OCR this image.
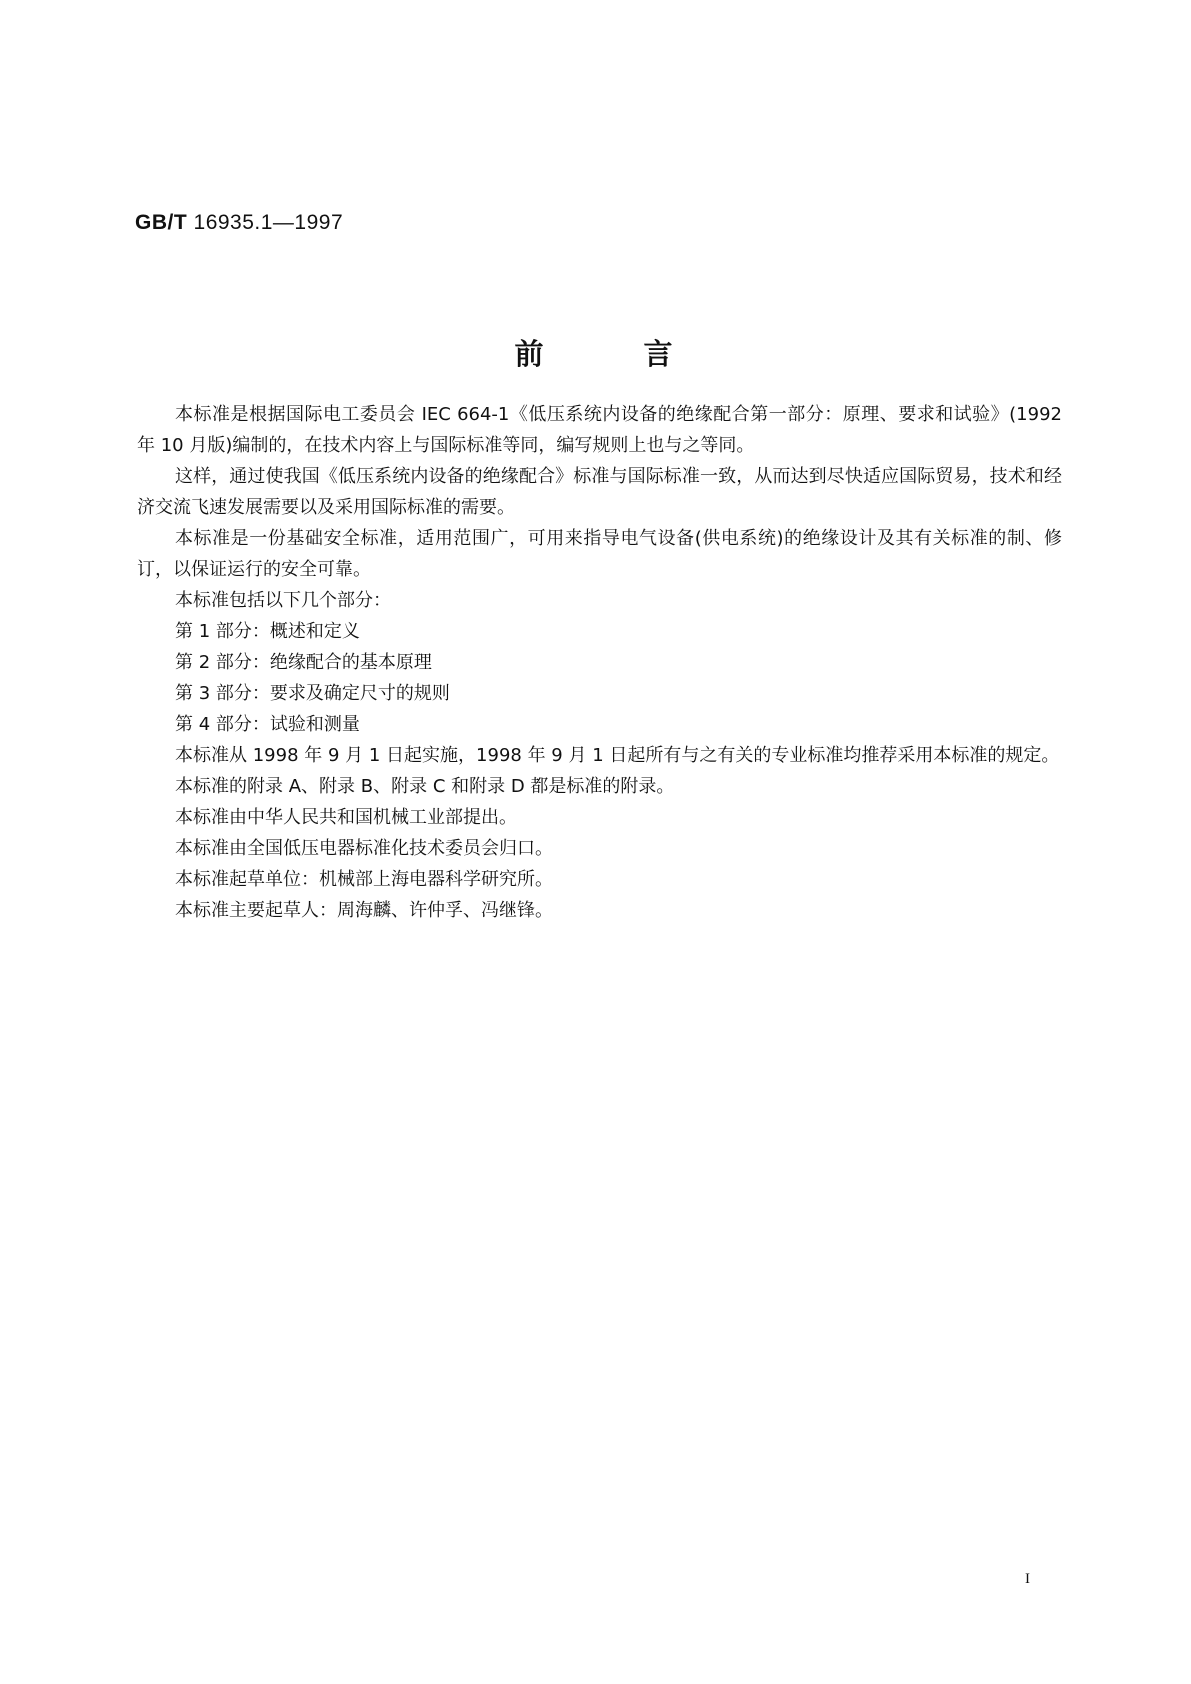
GB/T 16935.1—1997
前	言

本标准是根据国际电工委员会 IEC 664-1《低压系统内设备的绝缘配合第一部分：原理、要求和试验》(1992 年 10 月版)编制的，在技术内容上与国际标准等同，编写规则上也与之等同。

这样，通过使我国《低压系统内设备的绝缘配合》标准与国际标准一致，从而达到尽快适应国际贸易，技术和经济交流飞速发展需要以及采用国际标准的需要。

本标准是一份基础安全标准，适用范围广，可用来指导电气设备(供电系统)的绝缘设计及其有关标准的制、修订，以保证运行的安全可靠。

本标准包括以下几个部分：

第 1 部分：概述和定义

第 2 部分：绝缘配合的基本原理

第 3 部分：要求及确定尺寸的规则

第 4 部分：试验和测量

本标准从 1998 年 9 月 1 日起实施，1998 年 9 月 1 日起所有与之有关的专业标准均推荐采用本标准的规定。

本标准的附录 A、附录 B、附录 C 和附录 D 都是标准的附录。

本标准由中华人民共和国机械工业部提出。

本标准由全国低压电器标准化技术委员会归口。

本标准起草单位：机械部上海电器科学研究所。

本标准主要起草人：周海麟、许仲孚、冯继锋。

I
